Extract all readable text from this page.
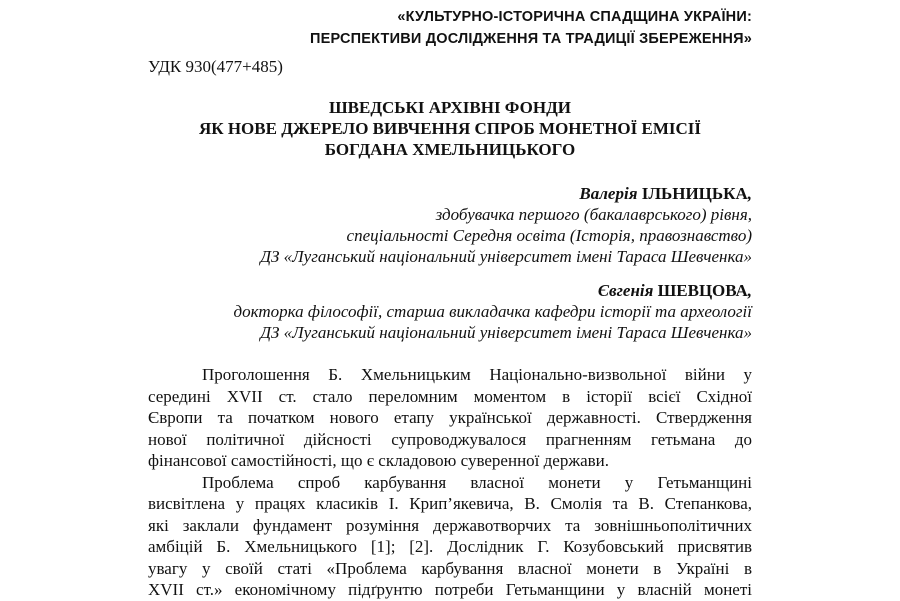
«КУЛЬТУРНО-ІСТОРИЧНА СПАДЩИНА УКРАЇНИ:
ПЕРСПЕКТИВИ ДОСЛІДЖЕННЯ ТА ТРАДИЦІЇ ЗБЕРЕЖЕННЯ»
УДК 930(477+485)
ШВЕДСЬКІ АРХІВНІ ФОНДИ
ЯК НОВЕ ДЖЕРЕЛО ВИВЧЕННЯ СПРОБ МОНЕТНОЇ ЕМІСІЇ
БОГДАНА ХМЕЛЬНИЦЬКОГО
Валерія ІЛЬНИЦЬКА,
здобувачка першого (бакалаврського) рівня,
спеціальності Середня освіта (Історія, правознавство)
ДЗ «Луганський національний університет імені Тараса Шевченка»
Євгенія ШЕВЦОВА,
докторка філософії, старша викладачка кафедри історії та археології
ДЗ «Луганський національний університет імені Тараса Шевченка»
Проголошення Б. Хмельницьким Національно-визвольної війни у
середині XVII ст. стало переломним моментом в історії всієї Східної
Європи та початком нового етапу української державності. Ствердження
нової політичної дійсності супроводжувалося прагненням гетьмана до
фінансової самостійності, що є складовою суверенної держави.
Проблема спроб карбування власної монети у Гетьманщині
висвітлена у працях класиків І. Крип’якевича, В. Смолія та В. Степанкова,
які заклали фундамент розуміння державотворчих та зовнішньополітичних
амбіцій Б. Хмельницького [1]; [2]. Дослідник Г. Козубовський присвятив
увагу у своїй статі «Проблема карбування власної монети в Україні в
XVII ст.» економічному підґрунтю потреби Гетьманщини у власній монеті
